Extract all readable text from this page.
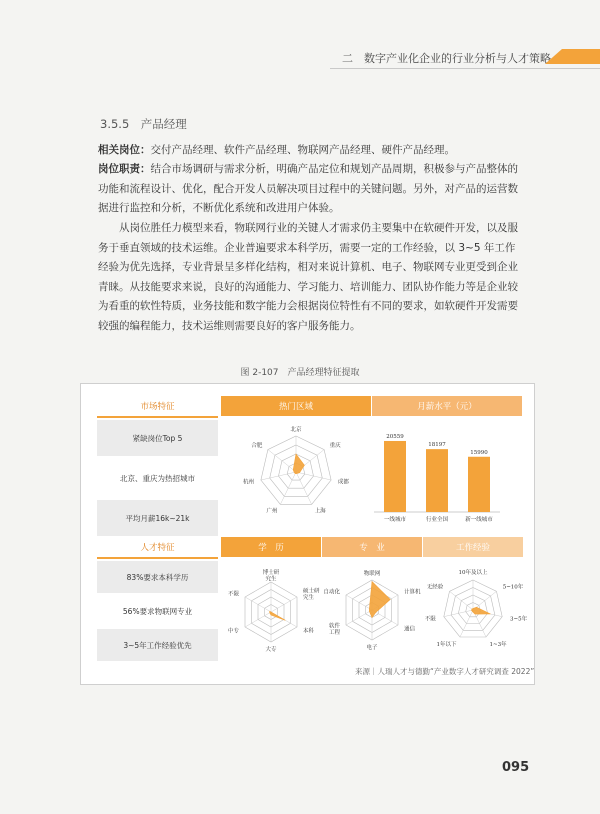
二　数字产业化企业的行业分析与人才策略
3.5.5　产品经理
相关岗位：交付产品经理、软件产品经理、物联网产品经理、硬件产品经理。
岗位职责：结合市场调研与需求分析，明确产品定位和规划产品周期，积极参与产品整体的功能和流程设计、优化，配合开发人员解决项目过程中的关键问题。另外，对产品的运营数据进行监控和分析，不断优化系统和改进用户体验。
从岗位胜任力模型来看，物联网行业的关键人才需求仍主要集中在软硬件开发，以及服务于垂直领域的技术运维。企业普遍要求本科学历，需要一定的工作经验，以 3~5 年工作经验为优先选择，专业背景呈多样化结构，相对来说计算机、电子、物联网专业更受到企业青睐。从技能要求来说，良好的沟通能力、学习能力、培训能力、团队协作能力等是企业较为看重的软性特质，业务技能和数字能力会根据岗位特性有不同的要求，如软硬件开发需要较强的编程能力，技术运维则需要良好的客户服务能力。
图 2-107　产品经理特征提取
市场特征	热门区域	月薪水平（元）
紧缺岗位Top 5
北京、重庆为热招城市
平均月薪16k~21k
人才特征	学　历	专　业	工作经验
83%要求本科学历
56%要求物联网专业
3~5年工作经验优先
北京
重庆
成都
上海
广州
杭州
合肥
博士研
究生
硕士研
究生
本科
大专
中专
不限
物联网
计算机
通信
电子
软件
工程
自动化
10年及以上
5~10年
3~5年
1~3年
1年以下
不限
无经验
20559
一线城市
18197
行业全国
15990
新一线城市
来源｜人瑞人才与德勤“产业数字人才研究调查 2022”
095
